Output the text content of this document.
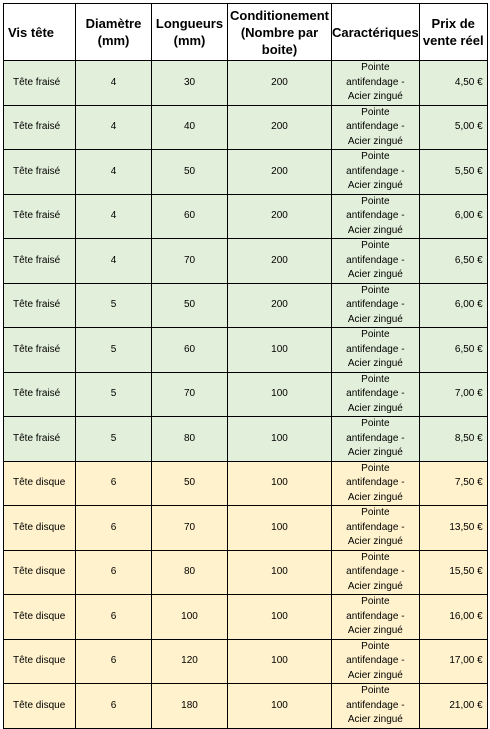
Vis tête	Diamètre (mm)	Longueurs (mm)	Conditionement (Nombre par boite)	Caractériques	Prix de vente réel
Tête fraisé	4	30	200	Pointe
antifendage -
Acier zingué	4,50 €
Tête fraisé	4	40	200	Pointe
antifendage -
Acier zingué	5,00 €
Tête fraisé	4	50	200	Pointe
antifendage -
Acier zingué	5,50 €
Tête fraisé	4	60	200	Pointe
antifendage -
Acier zingué	6,00 €
Tête fraisé	4	70	200	Pointe
antifendage -
Acier zingué	6,50 €
Tête fraisé	5	50	200	Pointe
antifendage -
Acier zingué	6,00 €
Tête fraisé	5	60	100	Pointe
antifendage -
Acier zingué	6,50 €
Tête fraisé	5	70	100	Pointe
antifendage -
Acier zingué	7,00 €
Tête fraisé	5	80	100	Pointe
antifendage -
Acier zingué	8,50 €
Tête disque	6	50	100	Pointe
antifendage -
Acier zingué	7,50 €
Tête disque	6	70	100	Pointe
antifendage -
Acier zingué	13,50 €
Tête disque	6	80	100	Pointe
antifendage -
Acier zingué	15,50 €
Tête disque	6	100	100	Pointe
antifendage -
Acier zingué	16,00 €
Tête disque	6	120	100	Pointe
antifendage -
Acier zingué	17,00 €
Tête disque	6	180	100	Pointe
antifendage -
Acier zingué	21,00 €
